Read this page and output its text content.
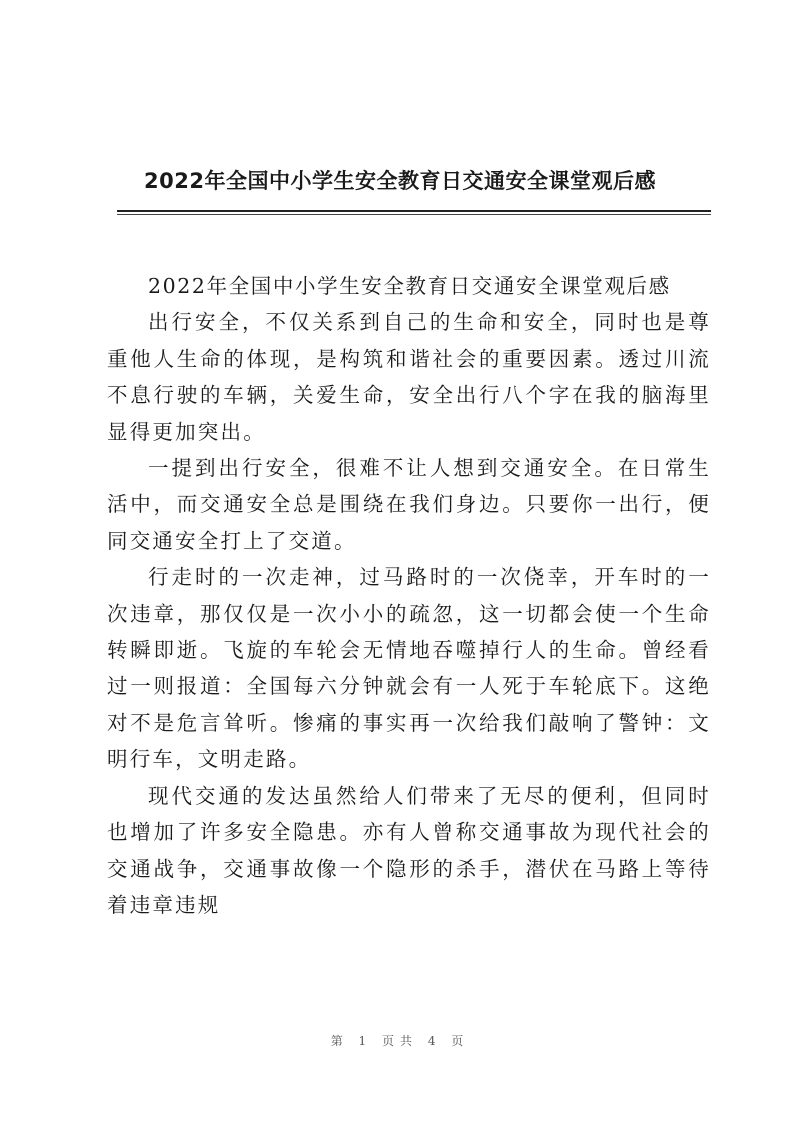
2022年全国中小学生安全教育日交通安全课堂观后感

2022年全国中小学生安全教育日交通安全课堂观后感

出行安全，不仅关系到自己的生命和安全，同时也是尊重他人生命的体现，是构筑和谐社会的重要因素。透过川流不息行驶的车辆，关爱生命，安全出行八个字在我的脑海里显得更加突出。

一提到出行安全，很难不让人想到交通安全。在日常生活中，而交通安全总是围绕在我们身边。只要你一出行，便同交通安全打上了交道。

行走时的一次走神，过马路时的一次侥幸，开车时的一次违章，那仅仅是一次小小的疏忽，这一切都会使一个生命转瞬即逝。飞旋的车轮会无情地吞噬掉行人的生命。曾经看过一则报道：全国每六分钟就会有一人死于车轮底下。这绝对不是危言耸听。惨痛的事实再一次给我们敲响了警钟：文明行车，文明走路。

现代交通的发达虽然给人们带来了无尽的便利，但同时也增加了许多安全隐患。亦有人曾称交通事故为现代社会的交通战争，交通事故像一个隐形的杀手，潜伏在马路上等待着违章违规

第 1 页共 4 页
